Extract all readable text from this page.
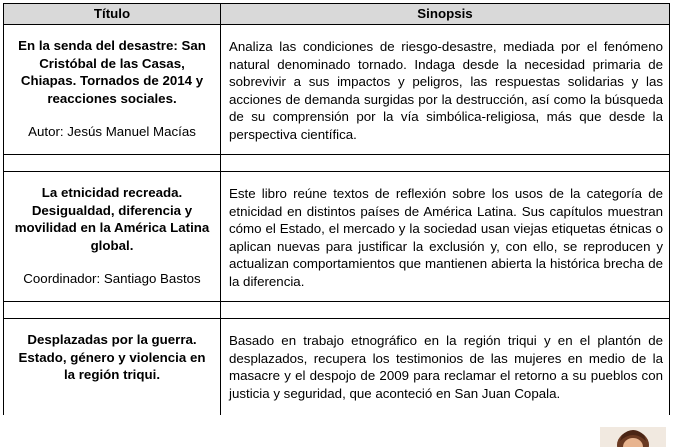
Título	Sinopsis

En la senda del desastre: San Cristóbal de las Casas, Chiapas. Tornados de 2014 y reacciones sociales.
Autor: Jesús Manuel Macías	Analiza las condiciones de riesgo-desastre, mediada por el fenómeno natural denominado tornado. Indaga desde la necesidad primaria de sobrevivir a sus impactos y peligros, las respuestas solidarias y las acciones de demanda surgidas por la destrucción, así como la búsqueda de su comprensión por la vía simbólica-religiosa, más que desde la perspectiva científica.

La etnicidad recreada. Desigualdad, diferencia y movilidad en la América Latina global.
Coordinador: Santiago Bastos	Este libro reúne textos de reflexión sobre los usos de la categoría de etnicidad en distintos países de América Latina. Sus capítulos muestran cómo el Estado, el mercado y la sociedad usan viejas etiquetas étnicas o aplican nuevas para justificar la exclusión y, con ello, se reproducen y actualizan comportamientos que mantienen abierta la histórica brecha de la diferencia.

Desplazadas por la guerra. Estado, género y violencia en la región triqui.	Basado en trabajo etnográfico en la región triqui y en el plantón de desplazados, recupera los testimonios de las mujeres en medio de la masacre y el despojo de 2009 para reclamar el retorno a su pueblos con justicia y seguridad, que aconteció en San Juan Copala.
